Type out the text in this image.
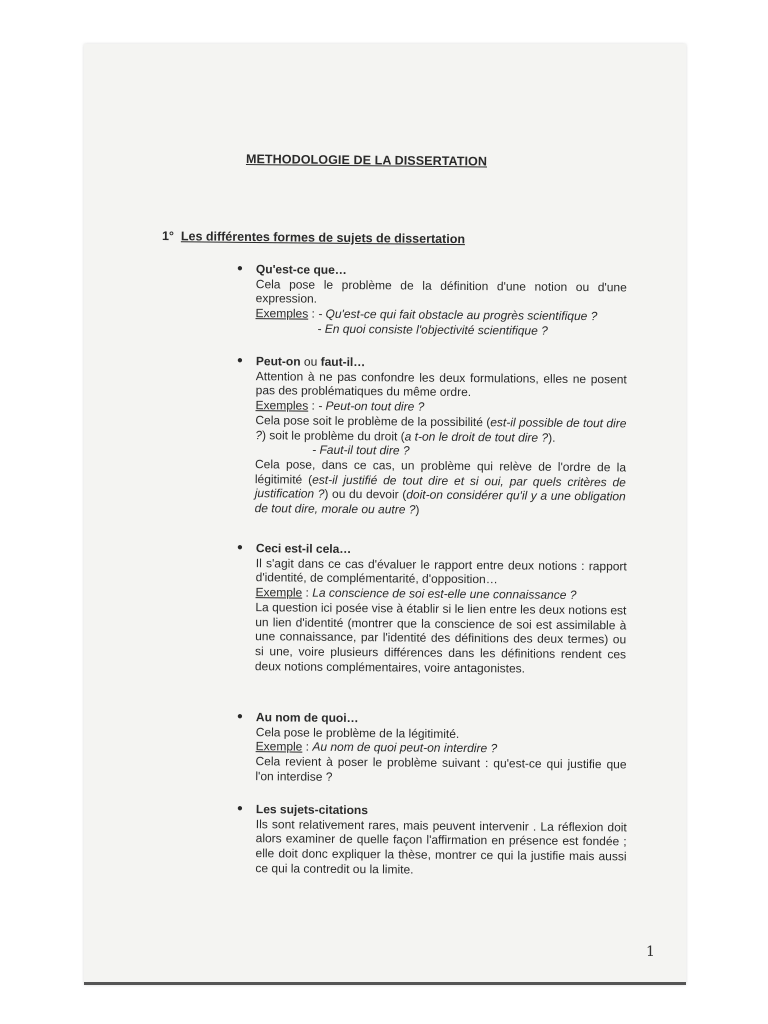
METHODOLOGIE DE LA DISSERTATION
1° Les différentes formes de sujets de dissertation
● Qu'est-ce que…
Cela pose le problème de la définition d'une notion ou d'une expression.
Exemples : - Qu'est-ce qui fait obstacle au progrès scientifique ?
- En quoi consiste l'objectivité scientifique ?
● Peut-on ou faut-il…
Attention à ne pas confondre les deux formulations, elles ne posent pas des problématiques du même ordre.
Exemples : - Peut-on tout dire ?
Cela pose soit le problème de la possibilité (est-il possible de tout dire ?) soit le problème du droit (a t-on le droit de tout dire ?).
- Faut-il tout dire ?
Cela pose, dans ce cas, un problème qui relève de l'ordre de la légitimité (est-il justifié de tout dire et si oui, par quels critères de justification ?) ou du devoir (doit-on considérer qu'il y a une obligation de tout dire, morale ou autre ?)
● Ceci est-il cela…
Il s'agit dans ce cas d'évaluer le rapport entre deux notions : rapport d'identité, de complémentarité, d'opposition…
Exemple : La conscience de soi est-elle une connaissance ?
La question ici posée vise à établir si le lien entre les deux notions est un lien d'identité (montrer que la conscience de soi est assimilable à une connaissance, par l'identité des définitions des deux termes) ou si une, voire plusieurs différences dans les définitions rendent ces deux notions complémentaires, voire antagonistes.
● Au nom de quoi…
Cela pose le problème de la légitimité.
Exemple : Au nom de quoi peut-on interdire ?
Cela revient à poser le problème suivant : qu'est-ce qui justifie que l'on interdise ?
● Les sujets-citations
Ils sont relativement rares, mais peuvent intervenir . La réflexion doit alors examiner de quelle façon l'affirmation en présence est fondée ; elle doit donc expliquer la thèse, montrer ce qui la justifie mais aussi ce qui la contredit ou la limite.
1
